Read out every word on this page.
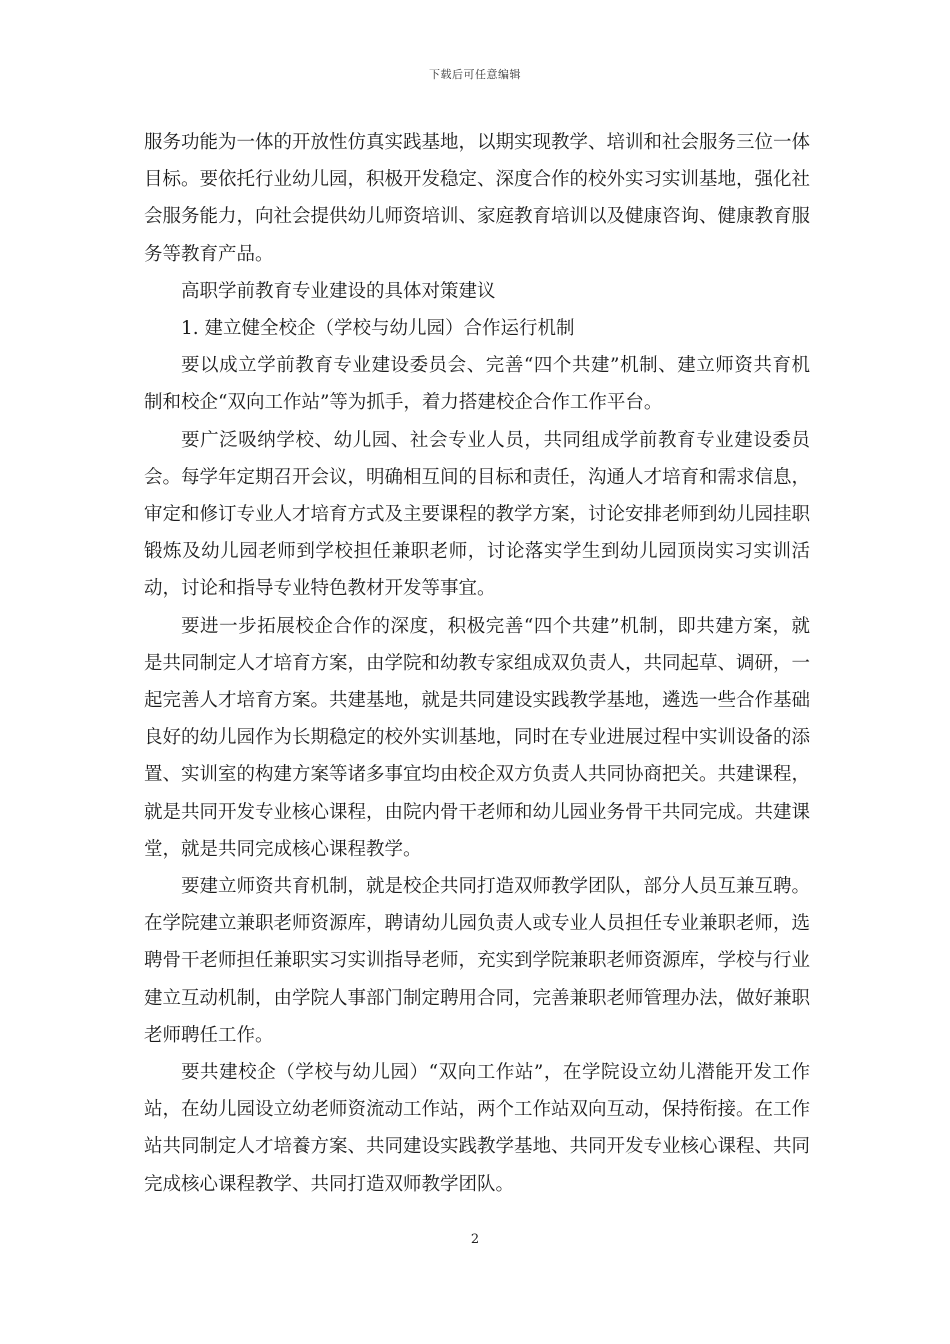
下载后可任意编辑

服务功能为一体的开放性仿真实践基地，以期实现教学、培训和社会服务三位一体目标。要依托行业幼儿园，积极开发稳定、深度合作的校外实习实训基地，强化社会服务能力，向社会提供幼儿师资培训、家庭教育培训以及健康咨询、健康教育服务等教育产品。

高职学前教育专业建设的具体对策建议

1. 建立健全校企（学校与幼儿园）合作运行机制

要以成立学前教育专业建设委员会、完善“四个共建”机制、建立师资共育机制和校企“双向工作站”等为抓手，着力搭建校企合作工作平台。

要广泛吸纳学校、幼儿园、社会专业人员，共同组成学前教育专业建设委员会。每学年定期召开会议，明确相互间的目标和责任，沟通人才培育和需求信息，审定和修订专业人才培育方式及主要课程的教学方案，讨论安排老师到幼儿园挂职锻炼及幼儿园老师到学校担任兼职老师，讨论落实学生到幼儿园顶岗实习实训活动，讨论和指导专业特色教材开发等事宜。

要进一步拓展校企合作的深度，积极完善“四个共建”机制，即共建方案，就是共同制定人才培育方案，由学院和幼教专家组成双负责人，共同起草、调研，一起完善人才培育方案。共建基地，就是共同建设实践教学基地，遴选一些合作基础良好的幼儿园作为长期稳定的校外实训基地，同时在专业进展过程中实训设备的添置、实训室的构建方案等诸多事宜均由校企双方负责人共同协商把关。共建课程，就是共同开发专业核心课程，由院内骨干老师和幼儿园业务骨干共同完成。共建课堂，就是共同完成核心课程教学。

要建立师资共育机制，就是校企共同打造双师教学团队，部分人员互兼互聘。在学院建立兼职老师资源库，聘请幼儿园负责人或专业人员担任专业兼职老师，选聘骨干老师担任兼职实习实训指导老师，充实到学院兼职老师资源库，学校与行业建立互动机制，由学院人事部门制定聘用合同，完善兼职老师管理办法，做好兼职老师聘任工作。

要共建校企（学校与幼儿园）“双向工作站”，在学院设立幼儿潜能开发工作站，在幼儿园设立幼老师资流动工作站，两个工作站双向互动，保持衔接。在工作站共同制定人才培養方案、共同建设实践教学基地、共同开发专业核心课程、共同完成核心课程教学、共同打造双师教学团队。

2
